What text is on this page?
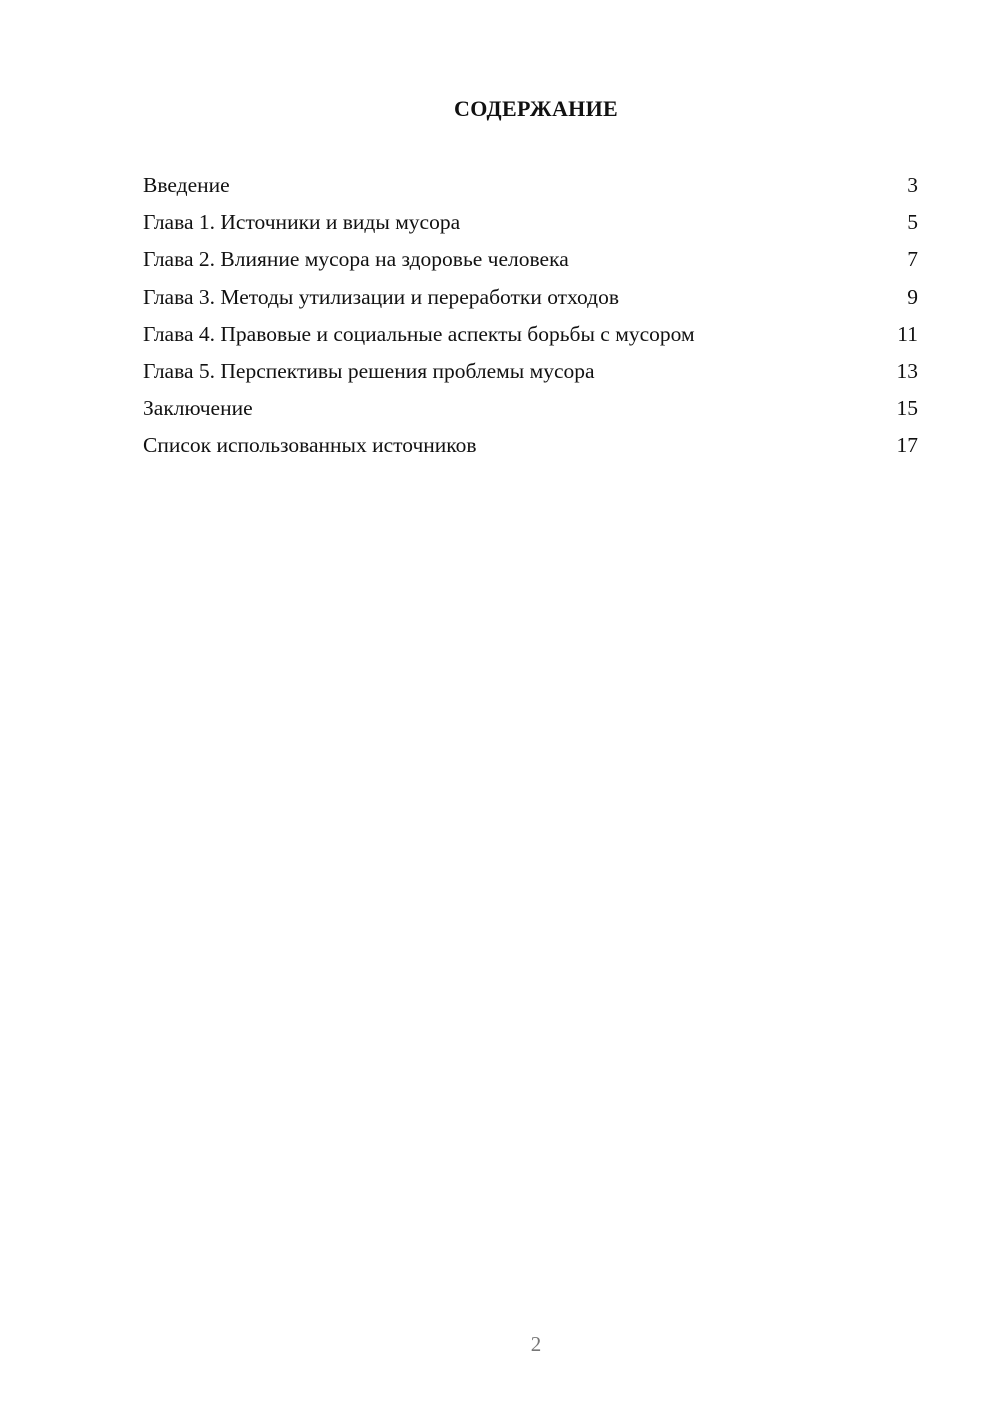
СОДЕРЖАНИЕ
Введение	3
Глава 1. Источники и виды мусора	5
Глава 2. Влияние мусора на здоровье человека	7
Глава 3. Методы утилизации и переработки отходов	9
Глава 4. Правовые и социальные аспекты борьбы с мусором	11
Глава 5. Перспективы решения проблемы мусора	13
Заключение	15
Список использованных источников	17
2
